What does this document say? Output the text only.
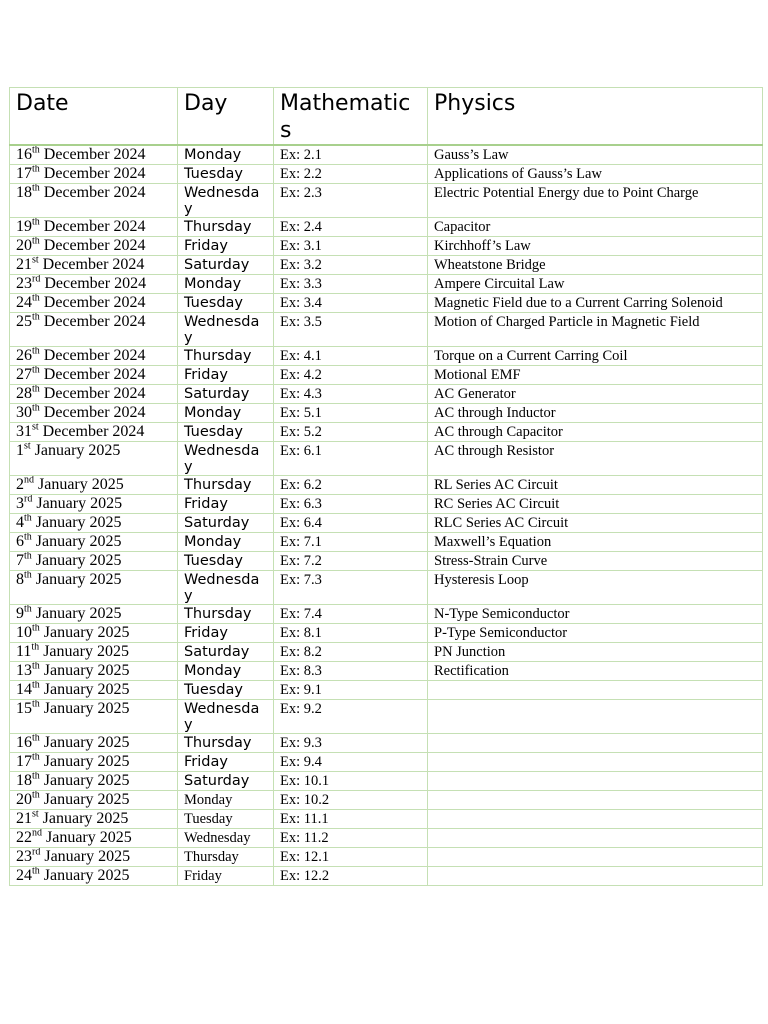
Date	Day	Mathematics	Physics
16th December 2024	Monday	Ex: 2.1	Gauss’s Law
17th December 2024	Tuesday	Ex: 2.2	Applications of Gauss’s Law
18th December 2024	Wednesday	Ex: 2.3	Electric Potential Energy due to Point Charge
19th December 2024	Thursday	Ex: 2.4	Capacitor
20th December 2024	Friday	Ex: 3.1	Kirchhoff’s Law
21st December 2024	Saturday	Ex: 3.2	Wheatstone Bridge
23rd December 2024	Monday	Ex: 3.3	Ampere Circuital Law
24th December 2024	Tuesday	Ex: 3.4	Magnetic Field due to a Current Carring Solenoid
25th December 2024	Wednesday	Ex: 3.5	Motion of Charged Particle in Magnetic Field
26th December 2024	Thursday	Ex: 4.1	Torque on a Current Carring Coil
27th December 2024	Friday	Ex: 4.2	Motional EMF
28th December 2024	Saturday	Ex: 4.3	AC Generator
30th December 2024	Monday	Ex: 5.1	AC through Inductor
31st December 2024	Tuesday	Ex: 5.2	AC through Capacitor
1st January 2025	Wednesday	Ex: 6.1	AC through Resistor
2nd January 2025	Thursday	Ex: 6.2	RL Series AC Circuit
3rd January 2025	Friday	Ex: 6.3	RC Series AC Circuit
4th January 2025	Saturday	Ex: 6.4	RLC Series AC Circuit
6th January 2025	Monday	Ex: 7.1	Maxwell’s Equation
7th January 2025	Tuesday	Ex: 7.2	Stress-Strain Curve
8th January 2025	Wednesday	Ex: 7.3	Hysteresis Loop
9th January 2025	Thursday	Ex: 7.4	N-Type Semiconductor
10th January 2025	Friday	Ex: 8.1	P-Type Semiconductor
11th January 2025	Saturday	Ex: 8.2	PN Junction
13th January 2025	Monday	Ex: 8.3	Rectification
14th January 2025	Tuesday	Ex: 9.1	
15th January 2025	Wednesday	Ex: 9.2	
16th January 2025	Thursday	Ex: 9.3	
17th January 2025	Friday	Ex: 9.4	
18th January 2025	Saturday	Ex: 10.1	
20th January 2025	Monday	Ex: 10.2	
21st January 2025	Tuesday	Ex: 11.1	
22nd January 2025	Wednesday	Ex: 11.2	
23rd January 2025	Thursday	Ex: 12.1	
24th January 2025	Friday	Ex: 12.2	
